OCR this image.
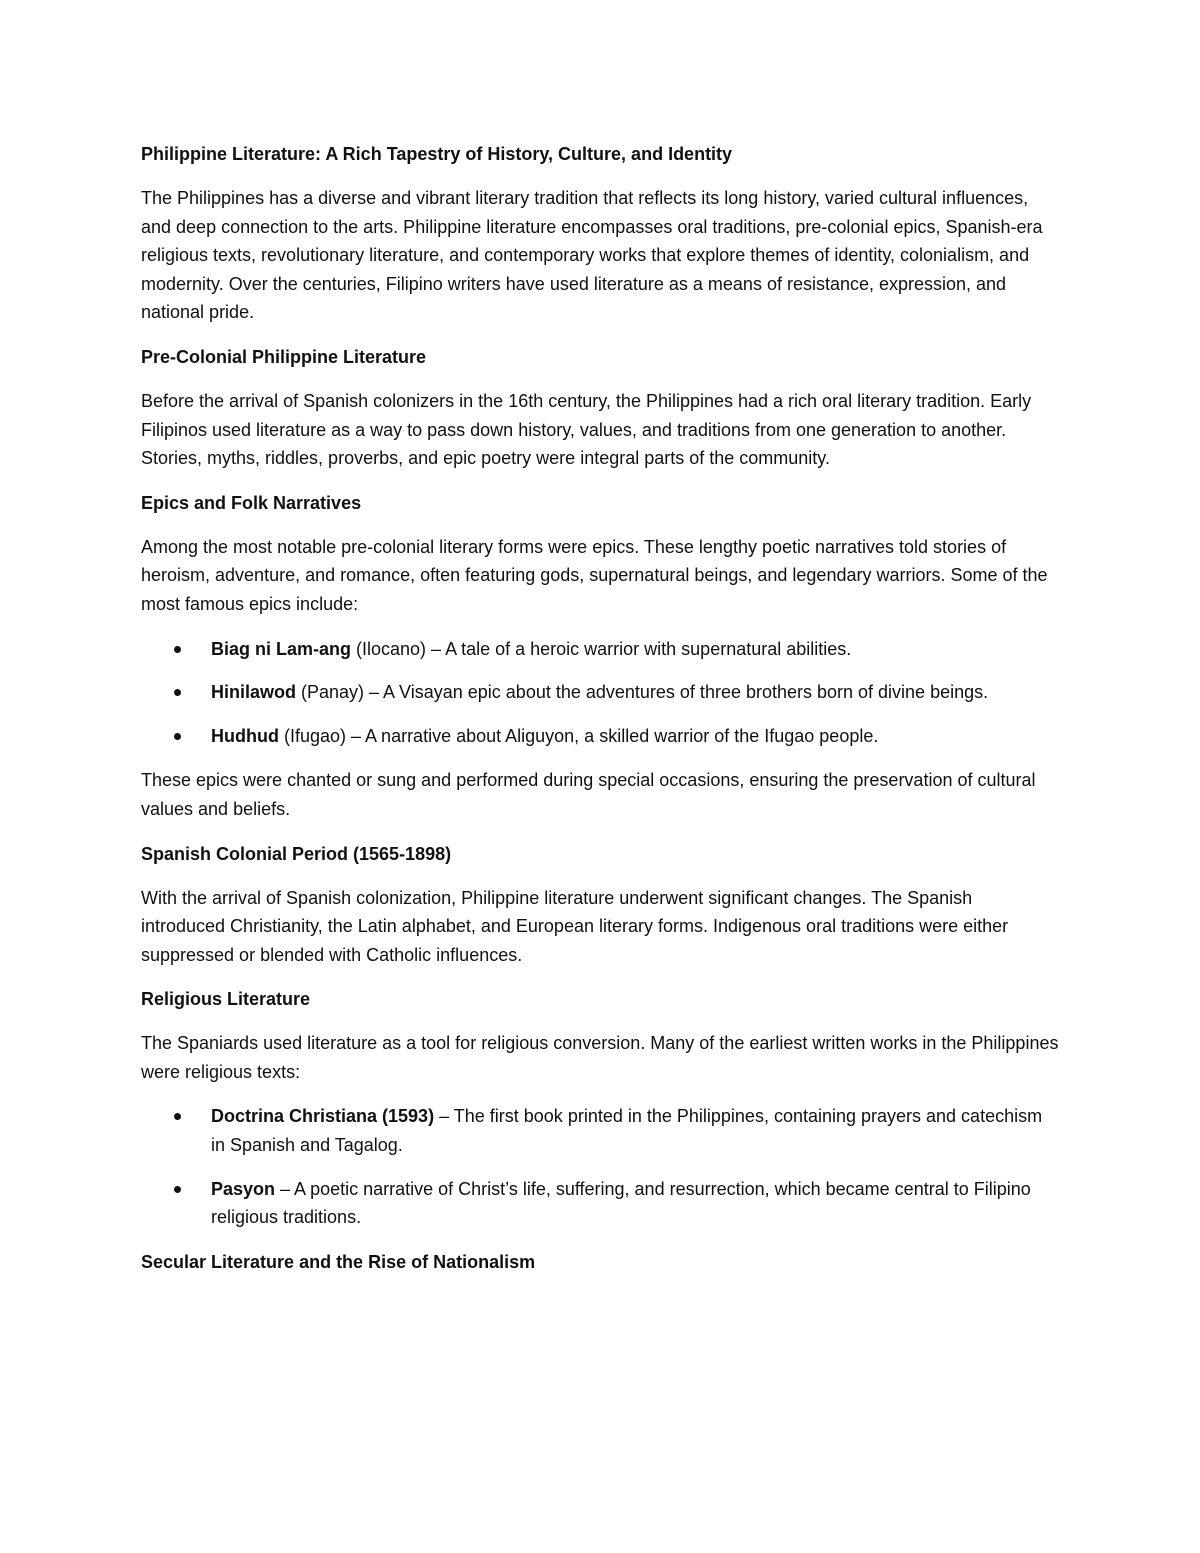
Philippine Literature: A Rich Tapestry of History, Culture, and Identity

The Philippines has a diverse and vibrant literary tradition that reflects its long history, varied cultural influences, and deep connection to the arts. Philippine literature encompasses oral traditions, pre-colonial epics, Spanish-era religious texts, revolutionary literature, and contemporary works that explore themes of identity, colonialism, and modernity. Over the centuries, Filipino writers have used literature as a means of resistance, expression, and national pride.

Pre-Colonial Philippine Literature

Before the arrival of Spanish colonizers in the 16th century, the Philippines had a rich oral literary tradition. Early Filipinos used literature as a way to pass down history, values, and traditions from one generation to another. Stories, myths, riddles, proverbs, and epic poetry were integral parts of the community.

Epics and Folk Narratives

Among the most notable pre-colonial literary forms were epics. These lengthy poetic narratives told stories of heroism, adventure, and romance, often featuring gods, supernatural beings, and legendary warriors. Some of the most famous epics include:

Biag ni Lam-ang (Ilocano) – A tale of a heroic warrior with supernatural abilities.
Hinilawod (Panay) – A Visayan epic about the adventures of three brothers born of divine beings.
Hudhud (Ifugao) – A narrative about Aliguyon, a skilled warrior of the Ifugao people.

These epics were chanted or sung and performed during special occasions, ensuring the preservation of cultural values and beliefs.

Spanish Colonial Period (1565-1898)

With the arrival of Spanish colonization, Philippine literature underwent significant changes. The Spanish introduced Christianity, the Latin alphabet, and European literary forms. Indigenous oral traditions were either suppressed or blended with Catholic influences.

Religious Literature

The Spaniards used literature as a tool for religious conversion. Many of the earliest written works in the Philippines were religious texts:

Doctrina Christiana (1593) – The first book printed in the Philippines, containing prayers and catechism in Spanish and Tagalog.
Pasyon – A poetic narrative of Christ’s life, suffering, and resurrection, which became central to Filipino religious traditions.
Secular Literature and the Rise of Nationalism
